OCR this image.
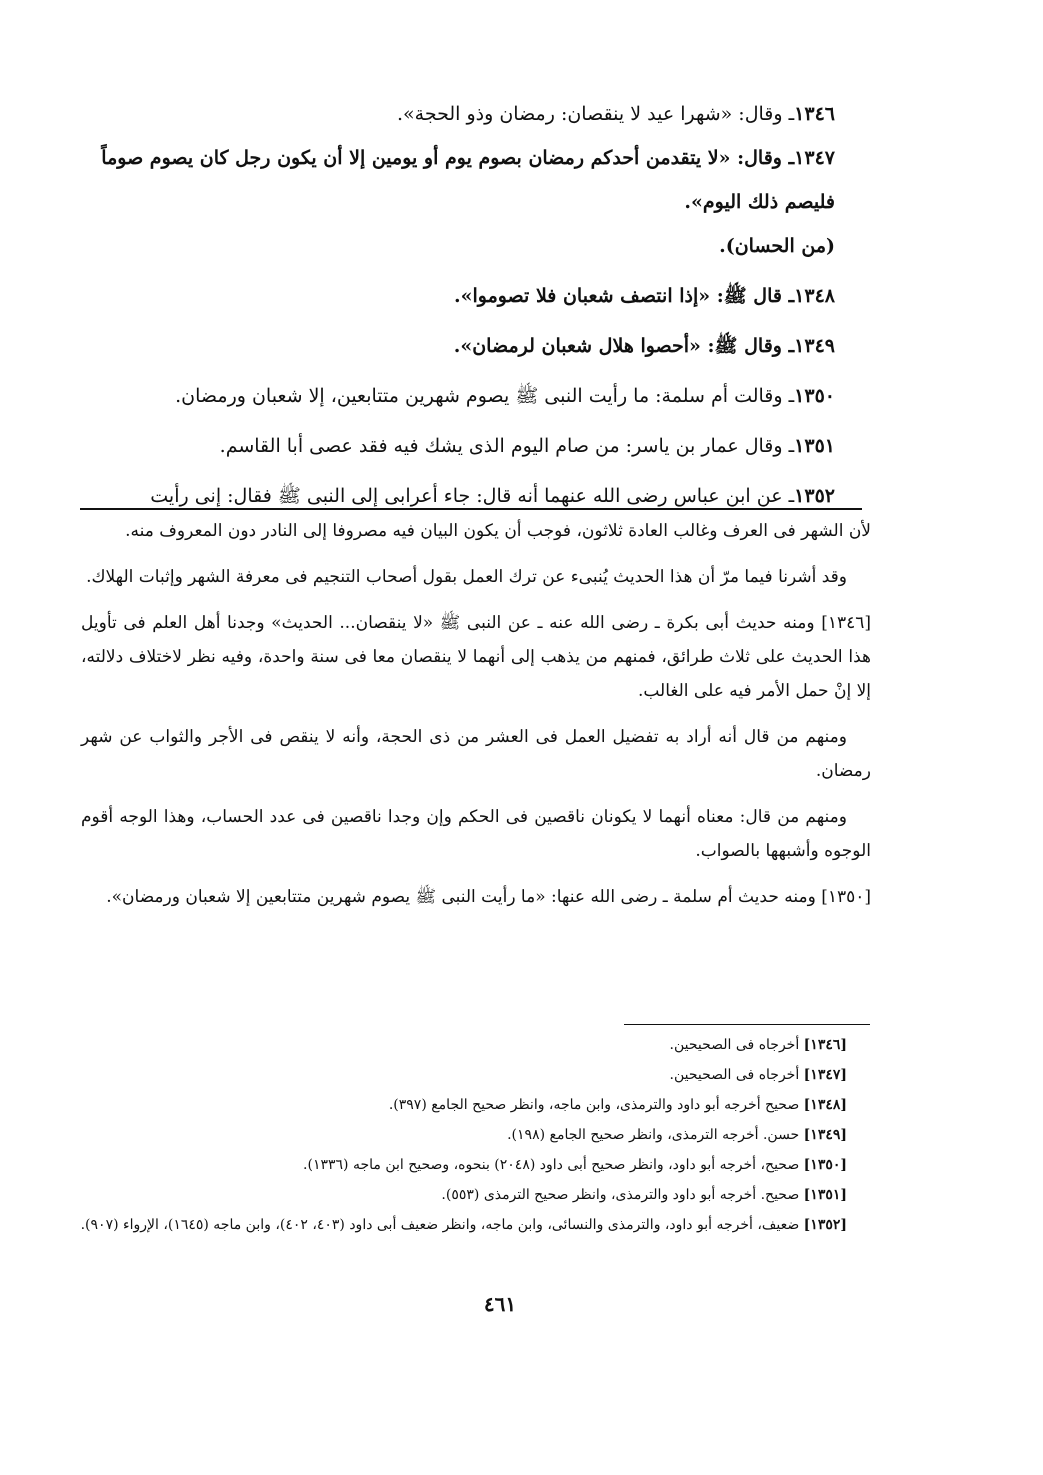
١٣٤٦ـ وقال: «شهرا عيد لا ينقصان: رمضان وذو الحجة».

١٣٤٧ـ وقال: «لا يتقدمن أحدكم رمضان بصوم يوم أو يومين إلا أن يكون رجل كان يصوم صوماً فليصم ذلك اليوم».

(من الحسان).

١٣٤٨ـ قال ﷺ: «إذا انتصف شعبان فلا تصوموا».

١٣٤٩ـ وقال ﷺ: «أحصوا هلال شعبان لرمضان».

١٣٥٠ـ وقالت أم سلمة: ما رأيت النبى ﷺ يصوم شهرين متتابعين، إلا شعبان ورمضان.

١٣٥١ـ وقال عمار بن ياسر: من صام اليوم الذى يشك فيه فقد عصى أبا القاسم.

١٣٥٢ـ عن ابن عباس رضى الله عنهما أنه قال: جاء أعرابى إلى النبى ﷺ فقال: إنى رأيت

لأن الشهر فى العرف وغالب العادة ثلاثون، فوجب أن يكون البيان فيه مصروفا إلى النادر دون المعروف منه.

وقد أشرنا فيما مرّ أن هذا الحديث يُنبىء عن ترك العمل بقول أصحاب التنجيم فى معرفة الشهر وإثبات الهلاك.

[١٣٤٦] ومنه حديث أبى بكرة ـ رضى الله عنه ـ عن النبى ﷺ «لا ينقصان... الحديث» وجدنا أهل العلم فى تأويل هذا الحديث على ثلاث طرائق، فمنهم من يذهب إلى أنهما لا ينقصان معا فى سنة واحدة، وفيه نظر لاختلاف دلالته، إلا إنْ حمل الأمر فيه على الغالب.

ومنهم من قال أنه أراد به تفضيل العمل فى العشر من ذى الحجة، وأنه لا ينقص فى الأجر والثواب عن شهر رمضان.

ومنهم من قال: معناه أنهما لا يكونان ناقصين فى الحكم وإن وجدا ناقصين فى عدد الحساب، وهذا الوجه أقوم الوجوه وأشبهها بالصواب.

[١٣٥٠] ومنه حديث أم سلمة ـ رضى الله عنها: «ما رأيت النبى ﷺ يصوم شهرين متتابعين إلا شعبان ورمضان».

[١٣٤٦] أخرجاه فى الصحيحين.

[١٣٤٧] أخرجاه فى الصحيحين.

[١٣٤٨] صحيح أخرجه أبو داود والترمذى، وابن ماجه، وانظر صحيح الجامع (٣٩٧).

[١٣٤٩] حسن. أخرجه الترمذى، وانظر صحيح الجامع (١٩٨).

[١٣٥٠] صحيح، أخرجه أبو داود، وانظر صحيح أبى داود (٢٠٤٨) بنحوه، وصحيح ابن ماجه (١٣٣٦).

[١٣٥١] صحيح. أخرجه أبو داود والترمذى، وانظر صحيح الترمذى (٥٥٣).

[١٣٥٢] ضعيف، أخرجه أبو داود، والترمذى والنسائى، وابن ماجه، وانظر ضعيف أبى داود (٤٠٣، ٤٠٢)، وابن ماجه (١٦٤٥)، الإرواء (٩٠٧).

٤٦١
